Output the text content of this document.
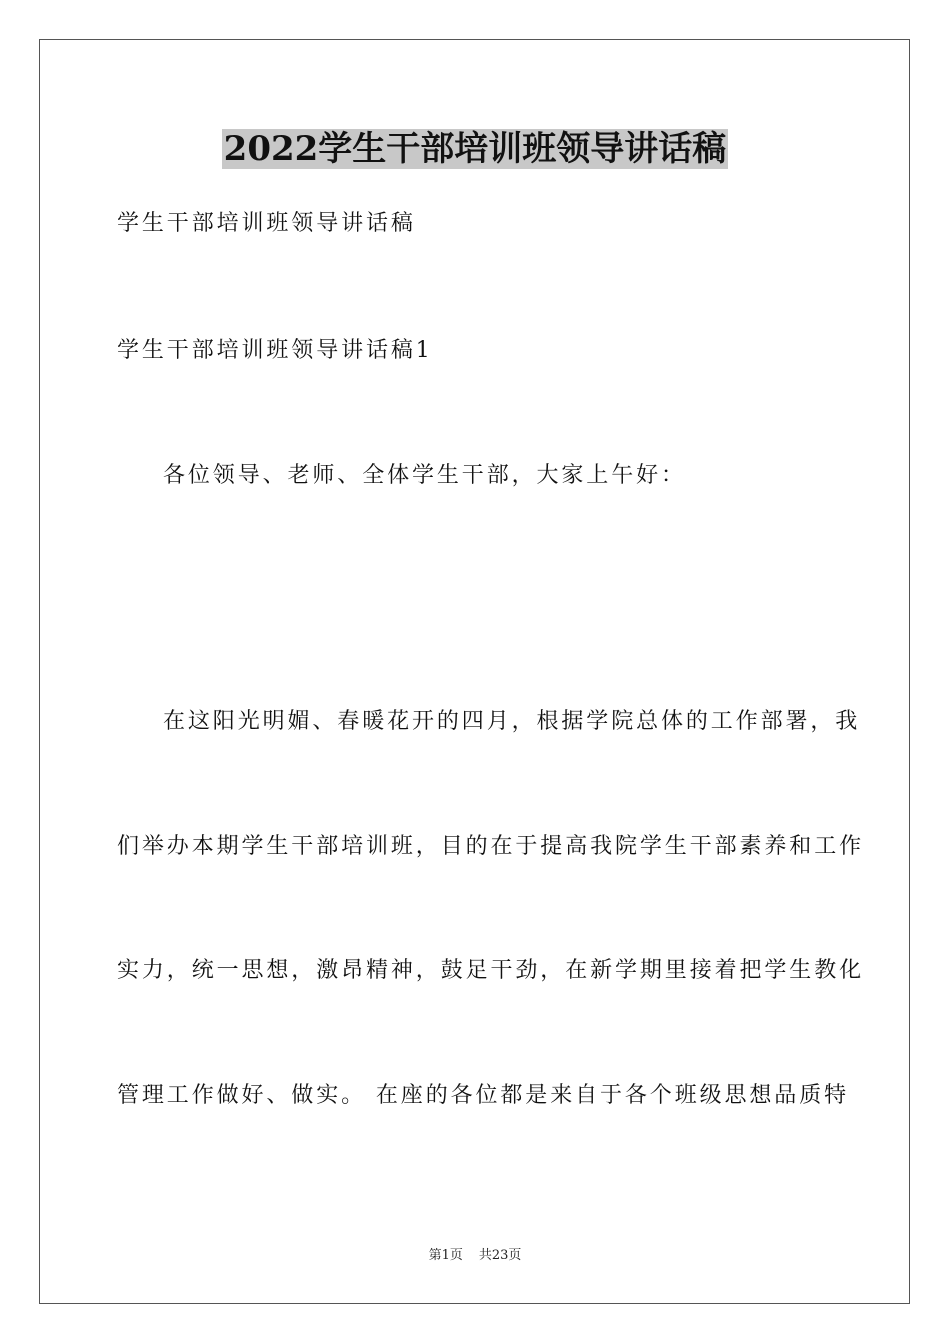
2022学生干部培训班领导讲话稿
学生干部培训班领导讲话稿
学生干部培训班领导讲话稿1
各位领导、老师、全体学生干部，大家上午好：
在这阳光明媚、春暖花开的四月，根据学院总体的工作部署，我
们举办本期学生干部培训班，目的在于提高我院学生干部素养和工作
实力，统一思想，激昂精神，鼓足干劲，在新学期里接着把学生教化
管理工作做好、做实。 在座的各位都是来自于各个班级思想品质特
第1页 共23页
